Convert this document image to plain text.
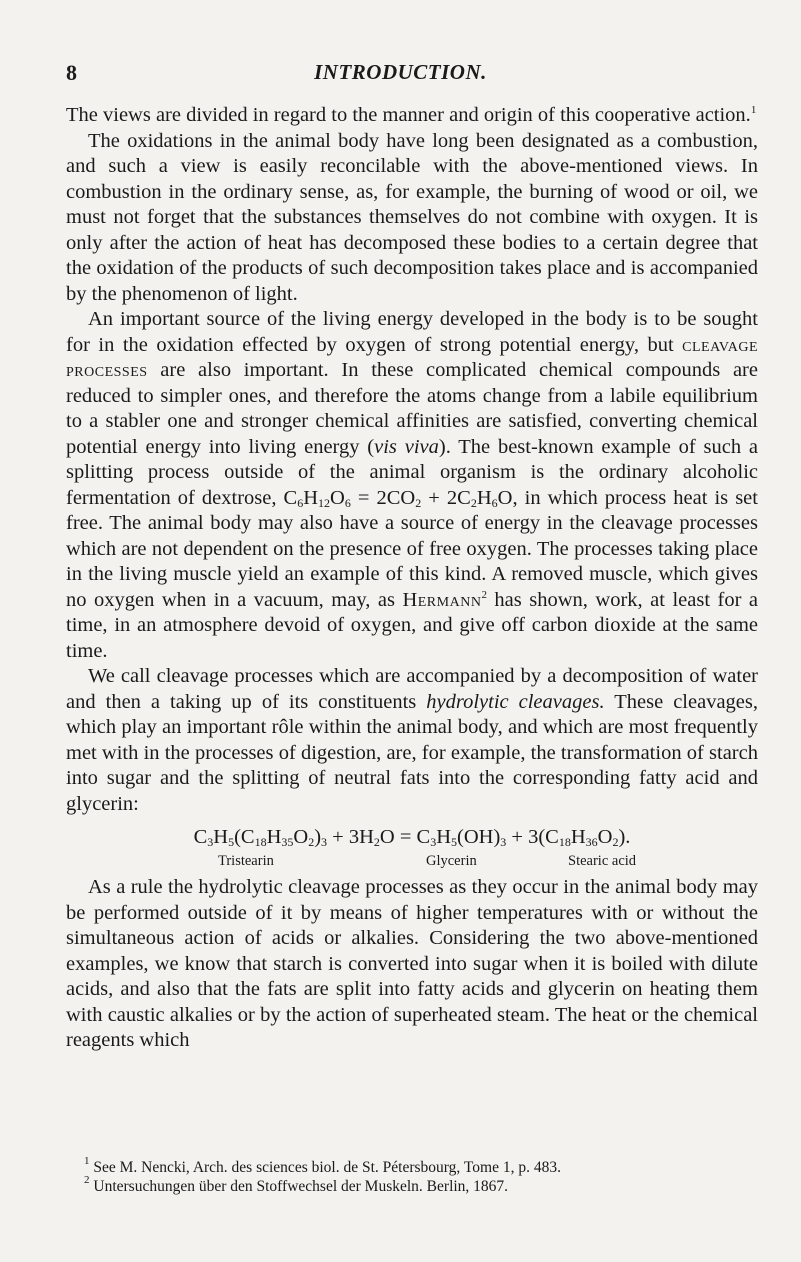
8	INTRODUCTION.

The views are divided in regard to the manner and origin of this cooperative action.$^1$

The oxidations in the animal body have long been designated as a combustion, and such a view is easily reconcilable with the above-mentioned views. In combustion in the ordinary sense, as, for example, the burning of wood or oil, we must not forget that the substances themselves do not combine with oxygen. It is only after the action of heat has decomposed these bodies to a certain degree that the oxidation of the products of such decomposition takes place and is accompanied by the phenomenon of light.

An important source of the living energy developed in the body is to be sought for in the oxidation effected by oxygen of strong potential energy, but cleavage processes are also important. In these complicated chemical compounds are reduced to simpler ones, and therefore the atoms change from a labile equilibrium to a stabler one and stronger chemical affinities are satisfied, converting chemical potential energy into living energy (vis viva). The best-known example of such a splitting process outside of the animal organism is the ordinary alcoholic fermentation of dextrose, $C_6H_{12}O_6 = 2CO_2 + 2C_2H_6O$, in which process heat is set free. The animal body may also have a source of energy in the cleavage processes which are not dependent on the presence of free oxygen. The processes taking place in the living muscle yield an example of this kind. A removed muscle, which gives no oxygen when in a vacuum, may, as Hermann$^2$ has shown, work, at least for a time, in an atmosphere devoid of oxygen, and give off carbon dioxide at the same time.

We call cleavage processes which are accompanied by a decomposition of water and then a taking up of its constituents hydrolytic cleavages. These cleavages, which play an important rôle within the animal body, and which are most frequently met with in the processes of digestion, are, for example, the transformation of starch into sugar and the splitting of neutral fats into the corresponding fatty acid and glycerin:

$C_3H_5(C_{18}H_{35}O_2)_3 + 3H_2O = C_3H_5(OH)_3 + 3(C_{18}H_{36}O_2)$.
Tristearin	Glycerin	Stearic acid

As a rule the hydrolytic cleavage processes as they occur in the animal body may be performed outside of it by means of higher temperatures with or without the simultaneous action of acids or alkalies. Considering the two above-mentioned examples, we know that starch is converted into sugar when it is boiled with dilute acids, and also that the fats are split into fatty acids and glycerin on heating them with caustic alkalies or by the action of superheated steam. The heat or the chemical reagents which

$^1$ See M. Nencki, Arch. des sciences biol. de St. Pétersbourg, Tome 1, p. 483.
$^2$ Untersuchungen über den Stoffwechsel der Muskeln. Berlin, 1867.
